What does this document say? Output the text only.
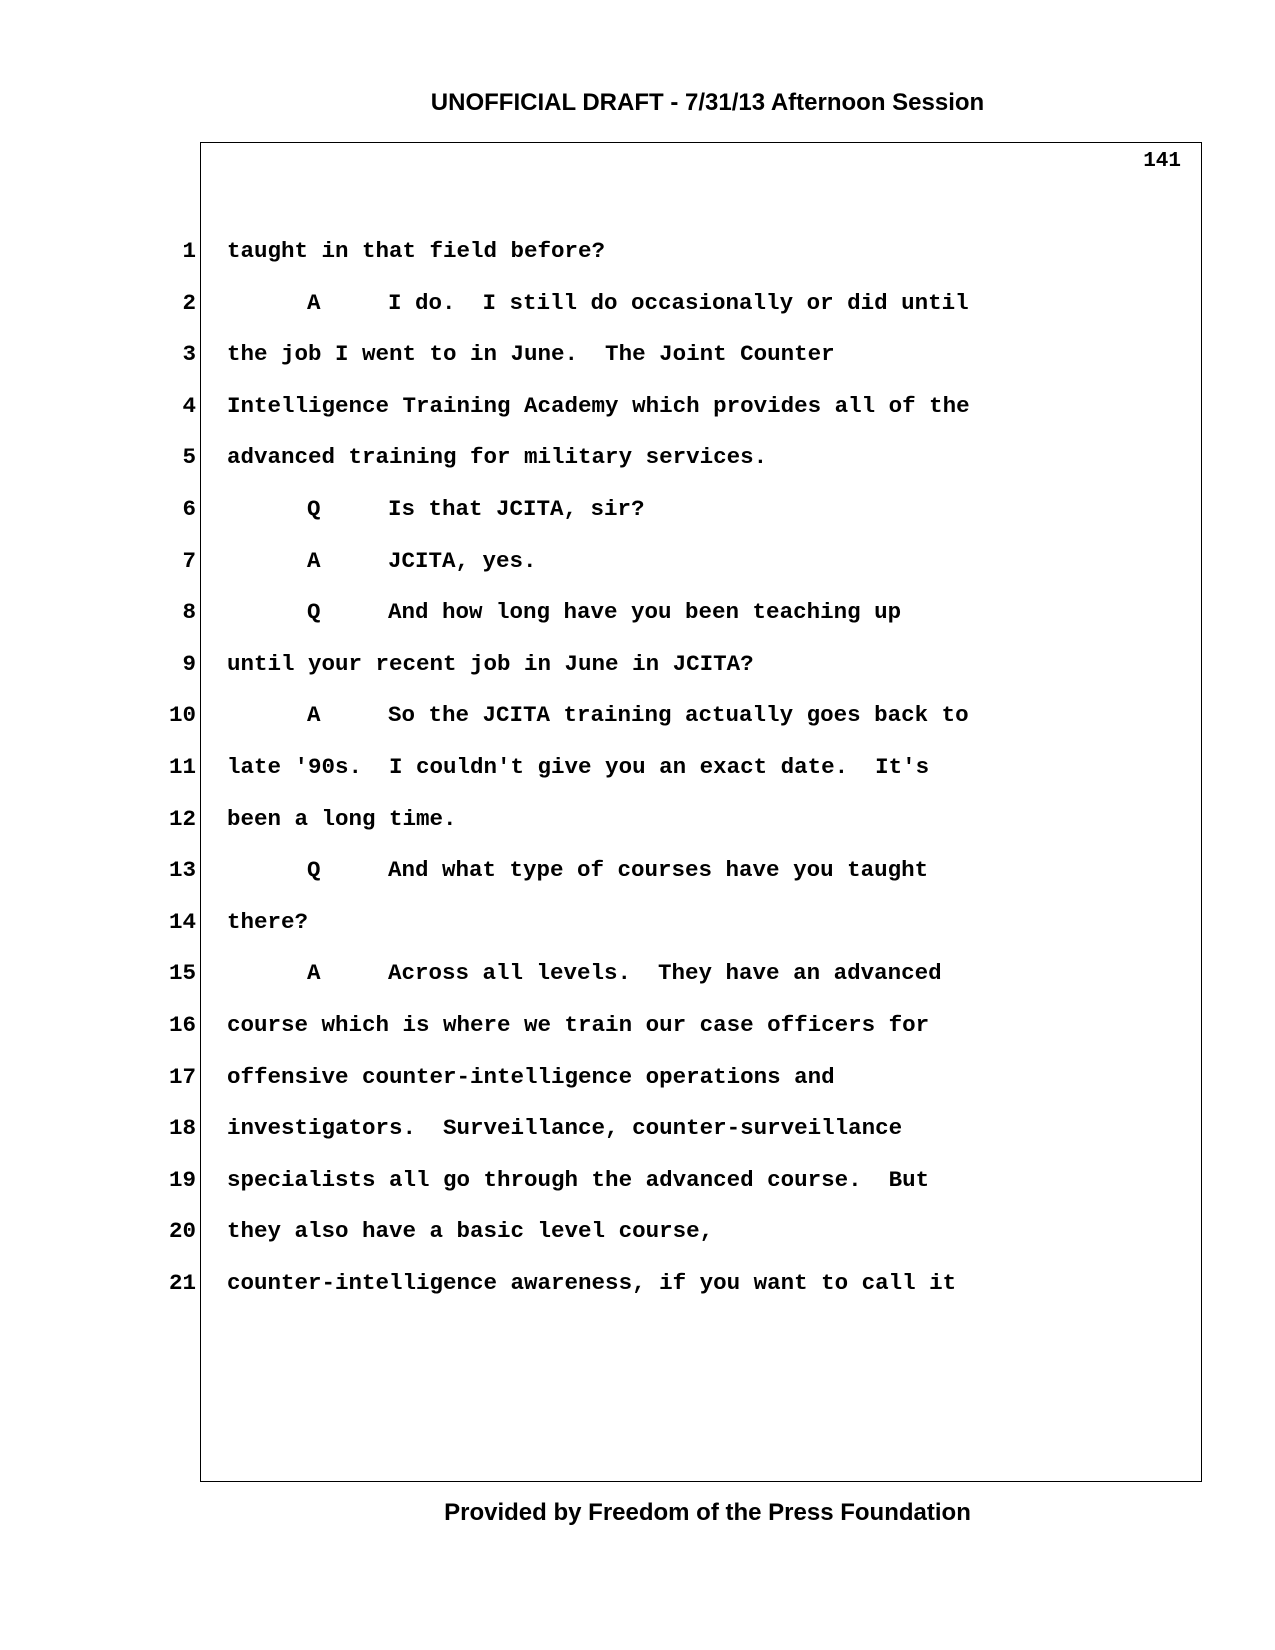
UNOFFICIAL DRAFT - 7/31/13 Afternoon Session
141
1 taught in that field before?
2	A	I do.  I still do occasionally or did until
3 the job I went to in June.  The Joint Counter
4 Intelligence Training Academy which provides all of the
5 advanced training for military services.
6	Q	Is that JCITA, sir?
7	A	JCITA, yes.
8	Q	And how long have you been teaching up
9 until your recent job in June in JCITA?
10	A	So the JCITA training actually goes back to
11 late '90s.  I couldn't give you an exact date.  It's
12 been a long time.
13	Q	And what type of courses have you taught
14 there?
15	A	Across all levels.  They have an advanced
16 course which is where we train our case officers for
17 offensive counter-intelligence operations and
18 investigators.  Surveillance, counter-surveillance
19 specialists all go through the advanced course.  But
20 they also have a basic level course,
21 counter-intelligence awareness, if you want to call it
Provided by Freedom of the Press Foundation
